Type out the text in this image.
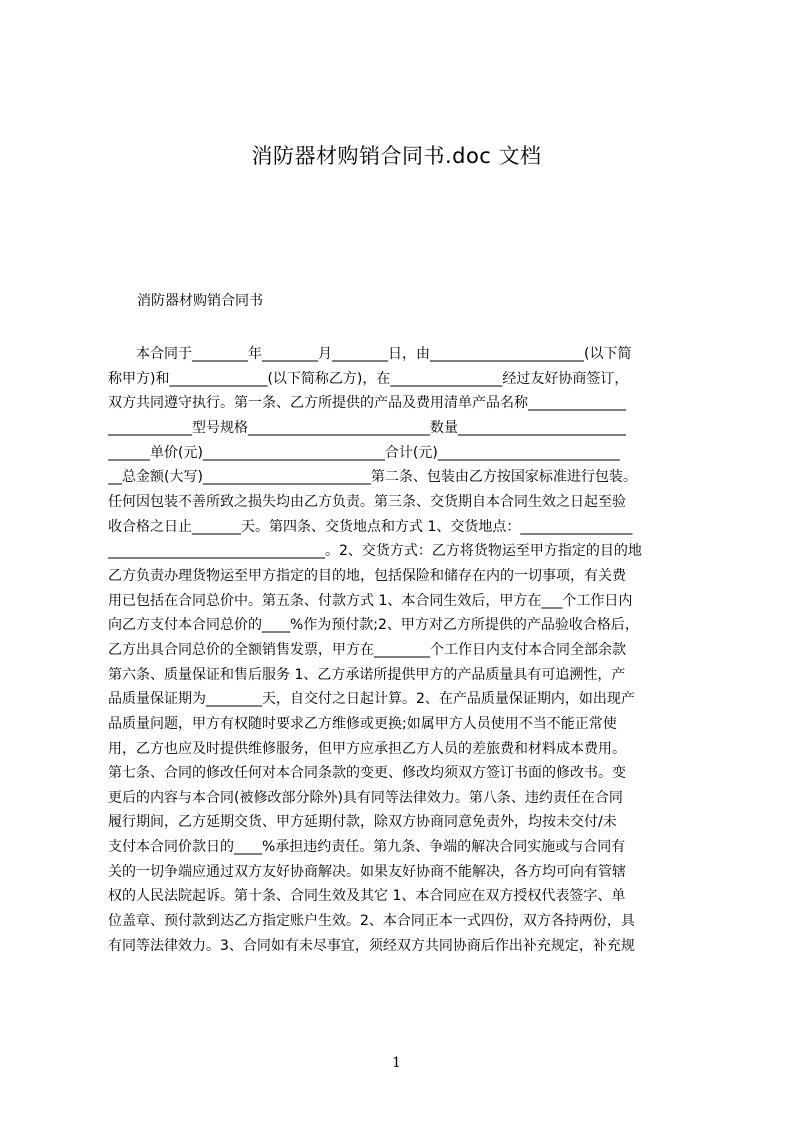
消防器材购销合同书.doc 文档
消防器材购销合同书
　　本合同于________年________月________日，由______________________(以下简
称甲方)和______________(以下简称乙方)，在________________经过友好协商签订，
双方共同遵守执行。第一条、乙方所提供的产品及费用清单产品名称______________
____________型号规格__________________________数量________________________
______单价(元)__________________________合计(元)__________________________
__总金额(大写)________________________第二条、包装由乙方按国家标准进行包装。
任何因包装不善所致之损失均由乙方负责。第三条、交货期自本合同生效之日起至验
收合格之日止_______天。第四条、交货地点和方式 1、交货地点：________________
_______________________________。2、交货方式：乙方将货物运至甲方指定的目的地
乙方负责办理货物运至甲方指定的目的地，包括保险和储存在内的一切事项，有关费
用已包括在合同总价中。第五条、付款方式 1、本合同生效后，甲方在___个工作日内
向乙方支付本合同总价的____%作为预付款;2、甲方对乙方所提供的产品验收合格后，
乙方出具合同总价的全额销售发票，甲方在________个工作日内支付本合同全部余款
第六条、质量保证和售后服务 1、乙方承诺所提供甲方的产品质量具有可追溯性，产
品质量保证期为________天，自交付之日起计算。2、在产品质量保证期内，如出现产
品质量问题，甲方有权随时要求乙方维修或更换;如属甲方人员使用不当不能正常使
用，乙方也应及时提供维修服务，但甲方应承担乙方人员的差旅费和材料成本费用。
第七条、合同的修改任何对本合同条款的变更、修改均须双方签订书面的修改书。变
更后的内容与本合同(被修改部分除外)具有同等法律效力。第八条、违约责任在合同
履行期间，乙方延期交货、甲方延期付款，除双方协商同意免责外，均按未交付/未
支付本合同价款日的____%承担违约责任。第九条、争端的解决合同实施或与合同有
关的一切争端应通过双方友好协商解决。如果友好协商不能解决，各方均可向有管辖
权的人民法院起诉。第十条、合同生效及其它 1、本合同应在双方授权代表签字、单
位盖章、预付款到达乙方指定账户生效。2、本合同正本一式四份，双方各持两份，具
有同等法律效力。3、合同如有未尽事宜，须经双方共同协商后作出补充规定，补充规
1
